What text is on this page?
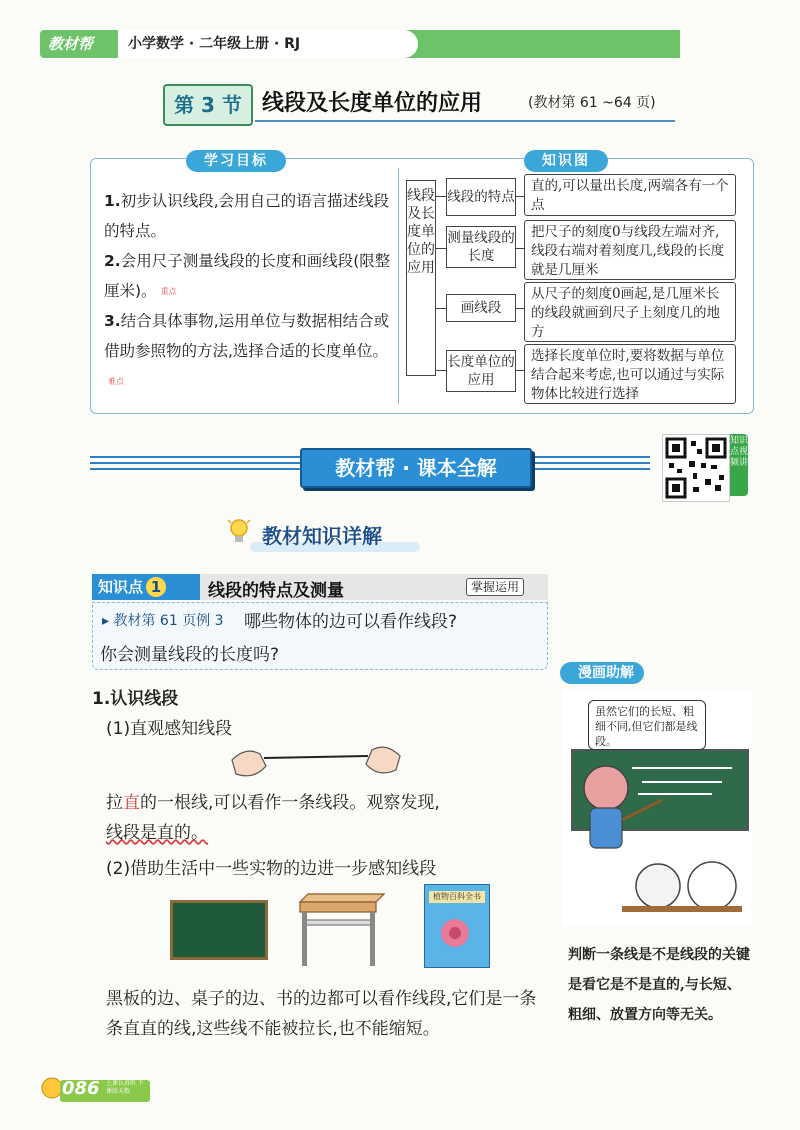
教材帮 小学数学 · 二年级上册 · RJ
第 3 节 线段及长度单位的应用	(教材第 61 ~64 页)
学习目标	知识图
1.初步认识线段,会用自己的语言描述线段的特点。
2.会用尺子测量线段的长度和画线段(限整厘米)。 重点
3.结合具体事物,运用单位与数据相结合或借助参照物的方法,选择合适的长度单位。难点
线段及长度单位的应用
线段的特点
直的,可以量出长度,两端各有一个点
测量线段的长度
把尺子的刻度0与线段左端对齐,线段右端对着刻度几,线段的长度就是几厘米
画线段
从尺子的刻度0画起,是几厘米长的线段就画到尺子上刻度几的地方
长度单位的应用
选择长度单位时,要将数据与单位结合起来考虑,也可以通过与实际物体比较进行选择
教材帮 · 课本全解
知识点视频讲
教材知识详解
知识点 1	线段的特点及测量	掌握运用
▸ 教材第 61 页例 3 哪些物体的边可以看作线段?
你会测量线段的长度吗?
1.认识线段
(1)直观感知线段
拉直的一根线,可以看作一条线段。观察发现,
线段是直的。
(2)借助生活中一些实物的边进一步感知线段
植物百科全书
黑板的边、桌子的边、书的边都可以看作线段,它们是一条条直直的线,这些线不能被拉长,也不能缩短。
漫画助解
虽然它们的长短、粗细不同,但它们都是线段。
判断一条线是不是线段的关键是看它是不是直的,与长短、粗细、放置方向等无关。
086 上课认真听 下课练天数
